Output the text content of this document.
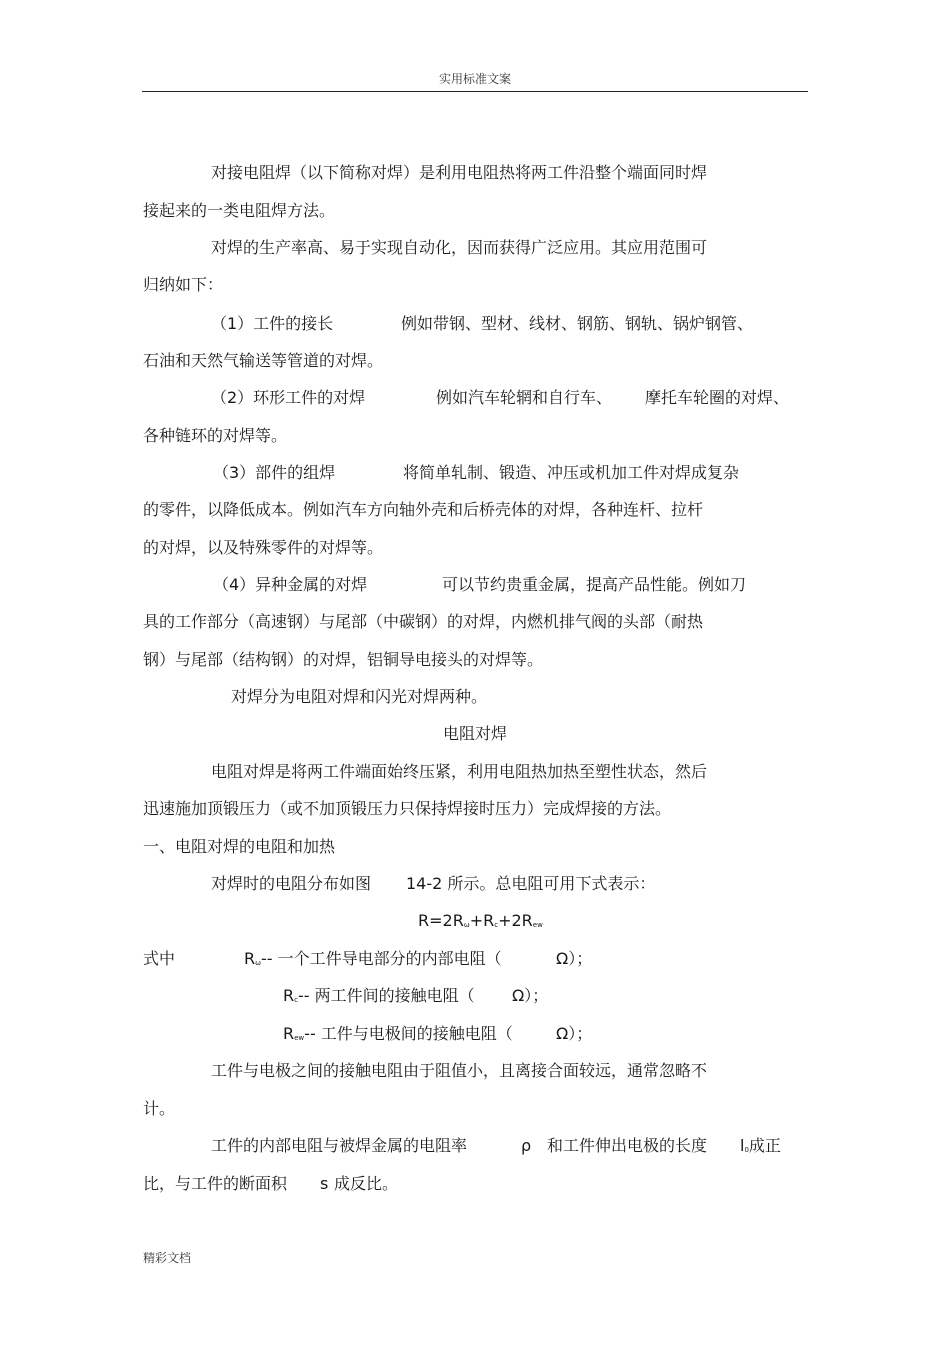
实用标准文案
对接电阻焊（以下简称对焊）是利用电阻热将两工件沿整个端面同时焊
接起来的一类电阻焊方法。
对焊的生产率高、易于实现自动化，因而获得广泛应用。其应用范围可
归纳如下：
（1）工件的接长	例如带钢、型材、线材、钢筋、钢轨、锅炉钢管、
石油和天然气输送等管道的对焊。
（2）环形工件的对焊	例如汽车轮辋和自行车、 摩托车轮圈的对焊、
各种链环的对焊等。
（3）部件的组焊	将简单轧制、锻造、冲压或机加工件对焊成复杂
的零件，以降低成本。例如汽车方向轴外壳和后桥壳体的对焊，各种连杆、拉杆
的对焊，以及特殊零件的对焊等。
（4）异种金属的对焊	可以节约贵重金属，提高产品性能。例如刀
具的工作部分（高速钢）与尾部（中碳钢）的对焊，内燃机排气阀的头部（耐热
钢）与尾部（结构钢）的对焊，铝铜导电接头的对焊等。
对焊分为电阻对焊和闪光对焊两种。
电阻对焊
电阻对焊是将两工件端面始终压紧，利用电阻热加热至塑性状态，然后
迅速施加顶锻压力（或不加顶锻压力只保持焊接时压力）完成焊接的方法。
一、电阻对焊的电阻和加热
对焊时的电阻分布如图 14-2 所示。总电阻可用下式表示：
$R=2R_\omega+R_c+2R_{ew}$
式中	$R_\omega--$ 一个工件导电部分的内部电阻（	Ω）；
$R_c--$ 两工件间的接触电阻（ Ω）；
$R_{ew}--$ 工件与电极间的接触电阻（	Ω）；
工件与电极之间的接触电阻由于阻值小，且离接合面较远，通常忽略不
计。
工件的内部电阻与被焊金属的电阻率	ρ 和工件伸出电极的长度 $l_0$成正
比，与工件的断面积 s 成反比。
精彩文档
